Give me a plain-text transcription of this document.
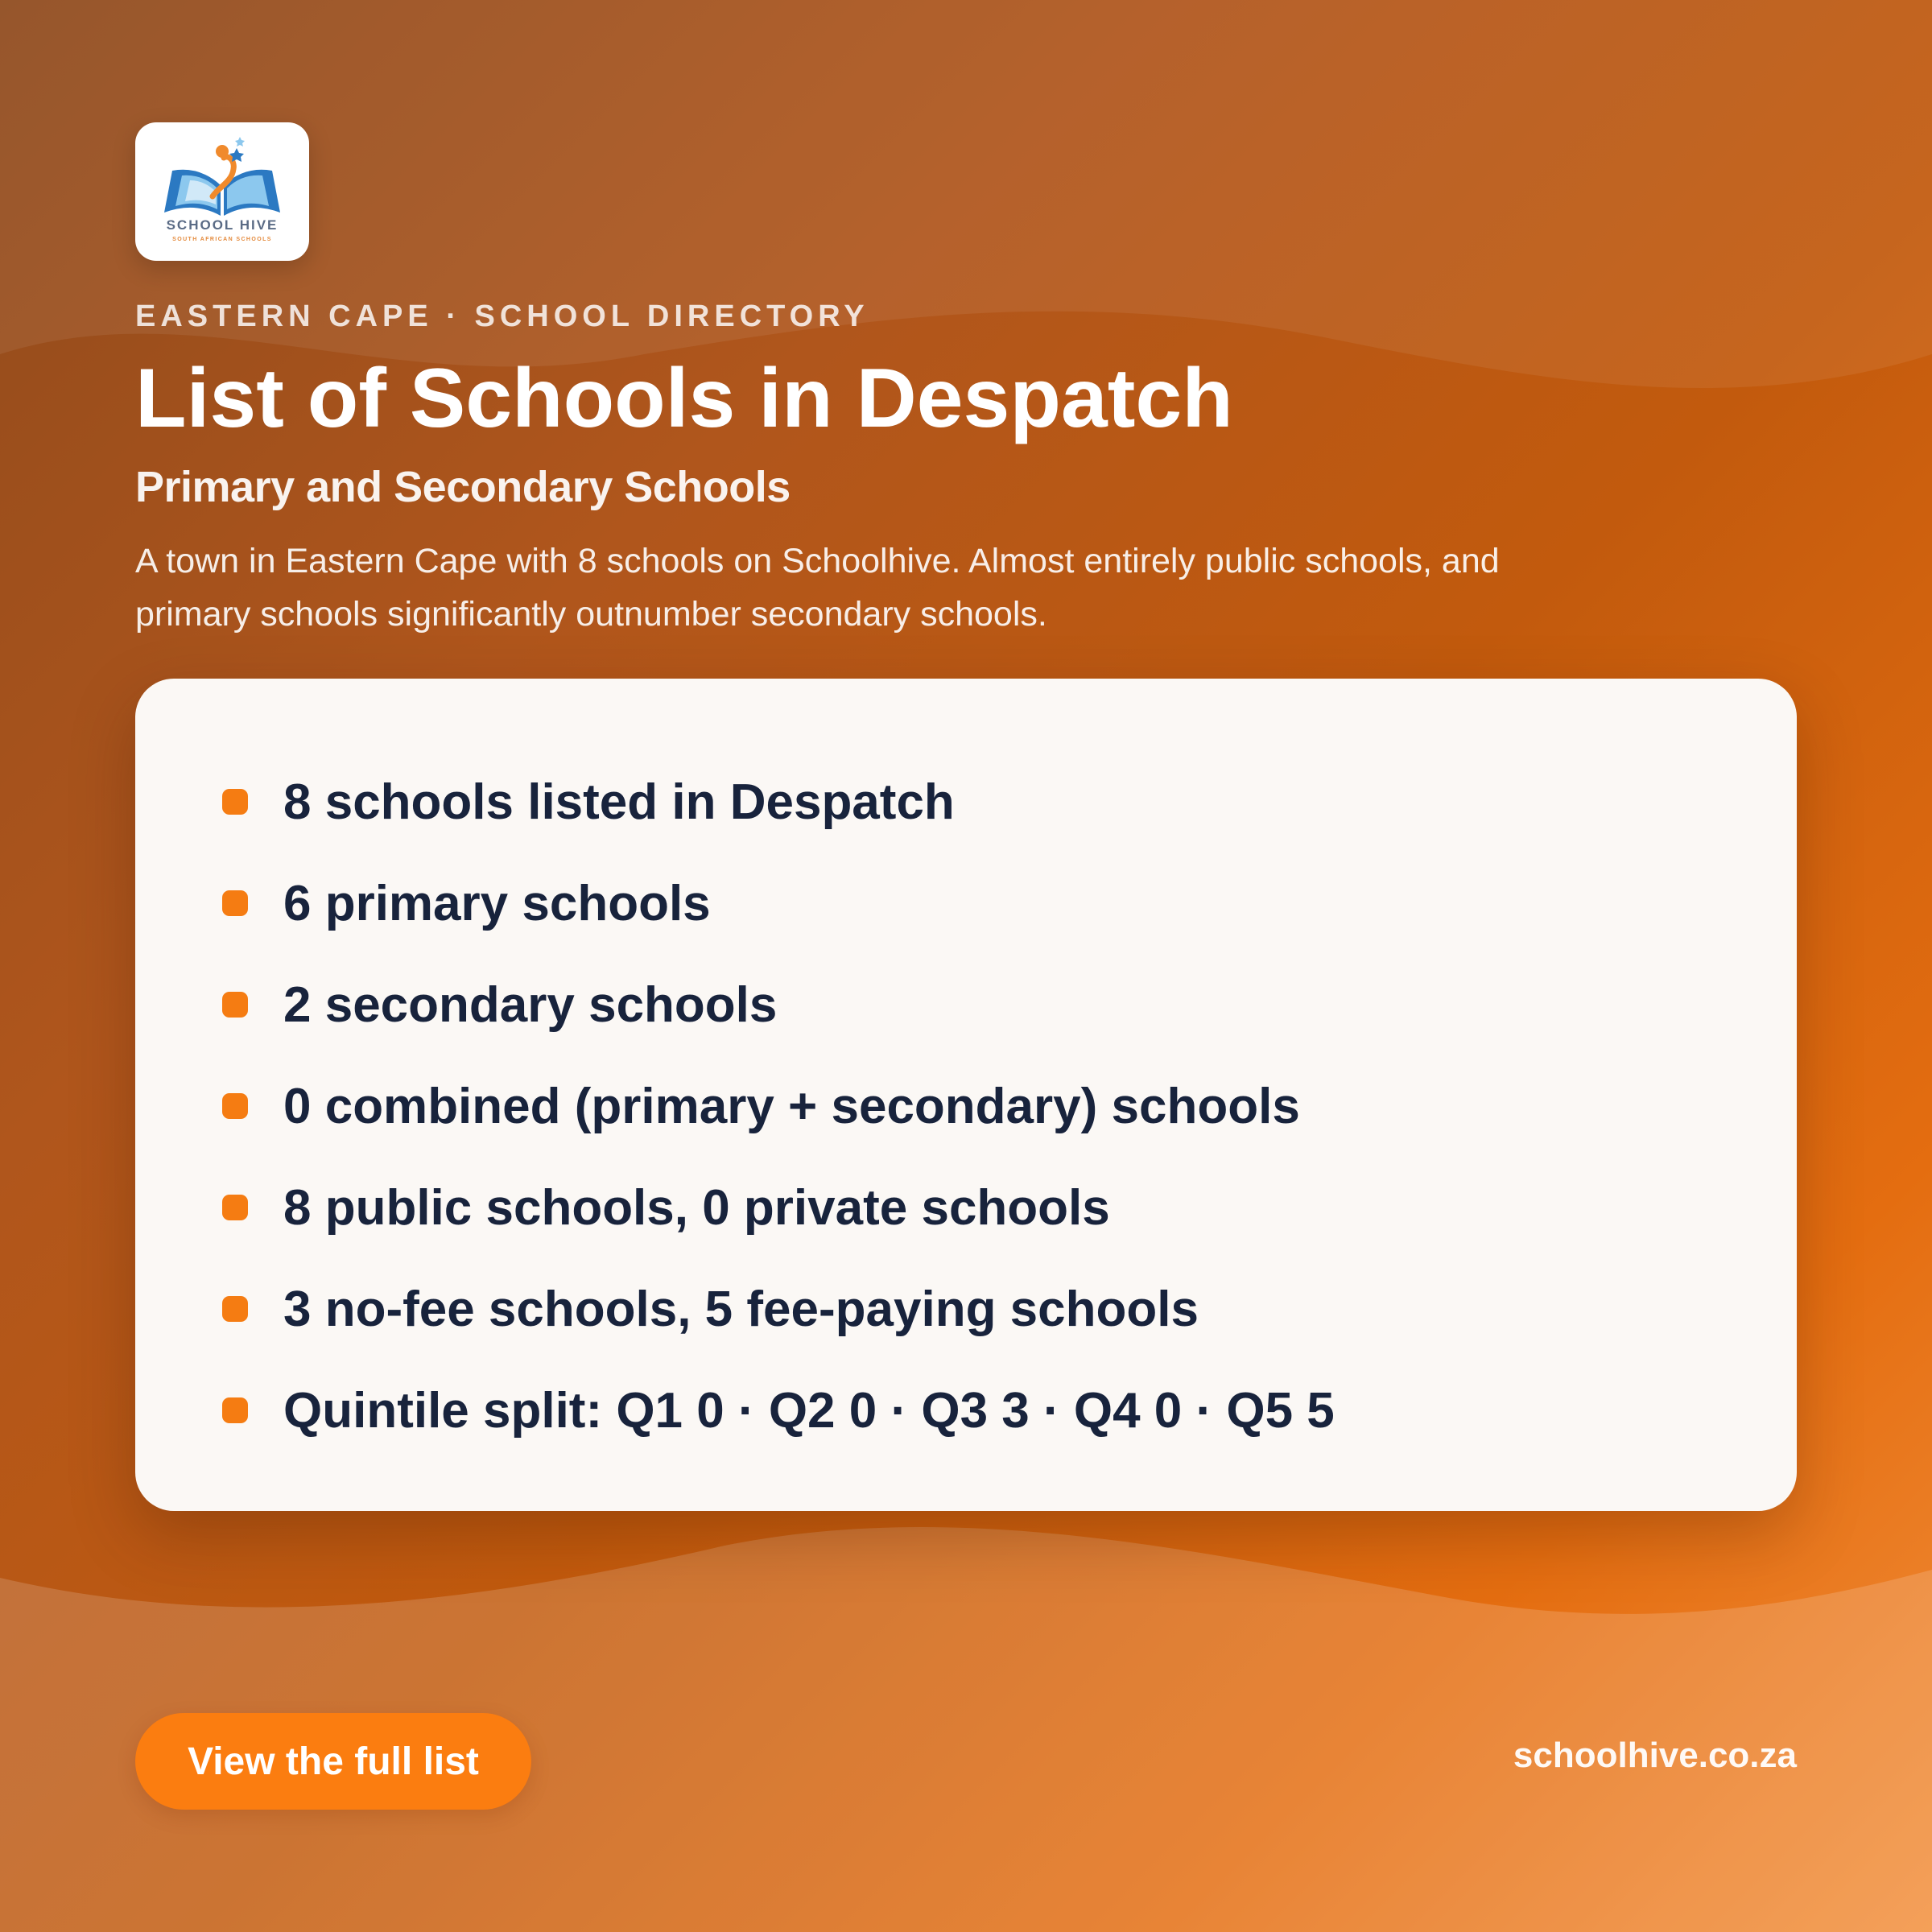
SCHOOL HIVE
SOUTH AFRICAN SCHOOLS
EASTERN CAPE · SCHOOL DIRECTORY
List of Schools in Despatch
Primary and Secondary Schools
A town in Eastern Cape with 8 schools on Schoolhive. Almost entirely public schools, and primary schools significantly outnumber secondary schools.
8 schools listed in Despatch
6 primary schools
2 secondary schools
0 combined (primary + secondary) schools
8 public schools, 0 private schools
3 no-fee schools, 5 fee-paying schools
Quintile split: Q1 0 · Q2 0 · Q3 3 · Q4 0 · Q5 5
View the full list	schoolhive.co.za
